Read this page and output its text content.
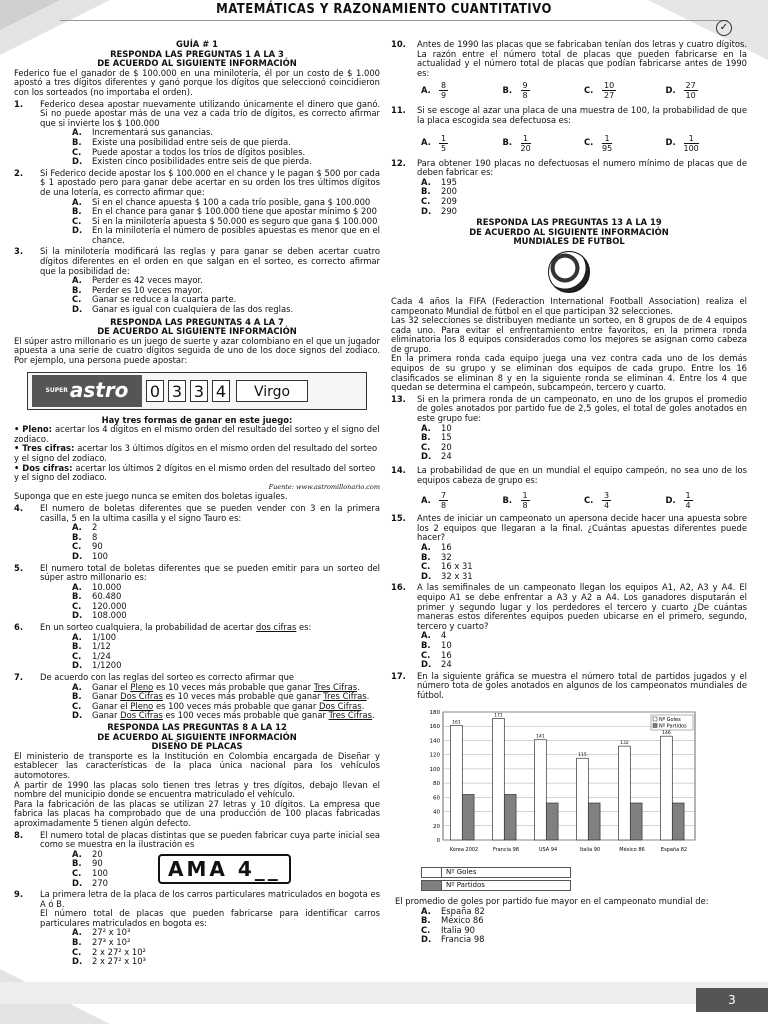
3
MATEMÁTICAS Y RAZONAMIENTO CUANTITATIVO
✓
GUÍA # 1
RESPONDA LAS PREGUNTAS 1 A LA 3
DE ACUERDO AL SIGUIENTE INFORMACIÓN
Federico fue el ganador de $ 100.000 en una minilotería, él por un costo de $ 1.000 apostó a tres dígitos diferentes y ganó porque los dígitos que seleccionó coincidieron con los sorteados (no importaba el orden).
1.	Federico desea apostar nuevamente utilizando únicamente el dinero que ganó. Si no puede apostar más de una vez a cada trío de dígitos, es correcto afirmar que si invierte los $ 100.000
A.	Incrementará sus ganancias.
B.	Existe una posibilidad entre seis de que pierda.
C.	Puede apostar a todos los tríos de dígitos posibles.
D.	Existen cinco posibilidades entre seis de que pierda.
2.	Si Federico decide apostar los $ 100.000 en el chance y le pagan $ 500 por cada $ 1 apostado pero para ganar debe acertar en su orden los tres últimos dígitos de una lotería, es correcto afirmar que:
A.	Si en el chance apuesta $ 100 a cada trío posible, gana $ 100.000
B.	En el chance para ganar $ 100.000 tiene que apostar mínimo $ 200
C.	Si en la minilotería apuesta $ 50.000 es seguro que gana $ 100.000
D.	En la minilotería el número de posibles apuestas es menor que en el chance.
3.	Si la minilotería modificará las reglas y para ganar se deben acertar cuatro dígitos diferentes en el orden en que salgan en el sorteo, es correcto afirmar que la posibilidad de:
A.	Perder es 42 veces mayor.
B.	Perder es 10 veces mayor.
C.	Ganar se reduce a la cuarta parte.
D.	Ganar es igual con cualquiera de las dos reglas.
RESPONDA LAS PREGUNTAS 4 A LA 7
DE ACUERDO AL SIGUIENTE INFORMACIÓN
El súper astro millonario es un juego de suerte y azar colombiano en el que un jugador apuesta a una serie de cuatro dígitos seguida de uno de los doce signos del zodiaco. Por ejemplo, una persona puede apostar:
SUPER astro 0 3 3 4	Virgo
Hay tres formas de ganar en este juego:
• Pleno: acertar los 4 dígitos en el mismo orden del resultado del sorteo y el signo del zodiaco.
• Tres cifras: acertar los 3 últimos dígitos en el mismo orden del resultado del sorteo y el signo del zodiaco.
• Dos cifras: acertar los últimos 2 dígitos en el mismo orden del resultado del sorteo y el signo del zodiaco.
Fuente: www.astromillonario.com
Suponga que en este juego nunca se emiten dos boletas iguales.
4.	El numero de boletas diferentes que se pueden vender con 3 en la primera casilla, 5 en la ultima casilla y el signo Tauro es:
A.	2
B.	8
C.	90
D.	100
5.	El numero total de boletas diferentes que se pueden emitir para un sorteo del súper astro millonario es:
A.	10.000
B.	60.480
C.	120.000
D.	108.000
6.	En un sorteo cualquiera, la probabilidad de acertar dos cifras es:
A.	1/100
B.	1/12
C.	1/24
D.	1/1200
7.	De acuerdo con las reglas del sorteo es correcto afirmar que
A.	Ganar el Pleno es 10 veces más probable que ganar Tres Cifras.
B.	Ganar Dos Cifras es 10 veces más probable que ganar Tres Cifras.
C.	Ganar el Pleno es 100 veces más probable que ganar Dos Cifras.
D.	Ganar Dos Cifras es 100 veces más probable que ganar Tres Cifras.
RESPONDA LAS PREGUNTAS 8 A LA 12
DE ACUERDO AL SIGUIENTE INFORMACIÓN
DISEÑO DE PLACAS
El ministerio de transporte es la Institución en Colombia encargada de Diseñar y establecer las características de la placa única nacional para los vehículos automotores.
A partir de 1990 las placas solo tienen tres letras y tres dígitos, debajo llevan el nombre del municipio donde se encuentra matriculado el vehículo.
Para la fabricación de las placas se utilizan 27 letras y 10 dígitos. La empresa que fabrica las placas ha comprobado que de una producción de 100 placas fabricadas aproximadamente 5 tienen algún defecto.
8.	El numero total de placas distintas que se pueden fabricar cuya parte inicial sea como se muestra en la ilustración es
A.	20
B.	90
C.	100
D.	270
AMA 4__
9.	La primera letra de la placa de los carros particulares matriculados en bogota es A ó B.
El número total de placas que pueden fabricarse para identificar carros particulares matriculados en bogota es:
A.	27² x 10³
B.	27³ x 10²
C.	2 x 27² x 10²
D.	2 x 27² x 10³
10.	Antes de 1990 las placas que se fabricaban tenían dos letras y cuatro dígitos. La razón entre el número total de placas que pueden fabricarse en la actualidad y el número total de placas que podían fabricarse antes de 1990 es:
A.	$\frac{8}{9}$	B.	$\frac{9}{8}$	C.	$\frac{10}{27}$	D. $\frac{27}{10}$
11.	Si se escoge al azar una placa de una muestra de 100, la probabilidad de que la placa escogida sea defectuosa es:
A.	$\frac{1}{5}$	B.	$\frac{1}{20}$	C.	$\frac{1}{95}$	D. $\frac{1}{100}$
12.	Para obtener 190 placas no defectuosas el numero mínimo de placas que de deben fabricar es:
A.	195
B.	200
C.	209
D.	290
RESPONDA LAS PREGUNTAS 13 A LA 19
DE ACUERDO AL SIGUIENTE INFORMACIÓN
MUNDIALES DE FUTBOL
Cada 4 años la FIFA (Federaction International Football Association) realiza el campeonato Mundial de fútbol en el que participan 32 selecciones.
Las 32 selecciones se distribuyen mediante un sorteo, en 8 grupos de de 4 equipos cada uno. Para evitar el enfrentamiento entre favoritos, en la primera ronda eliminatoria los 8 equipos considerados como los mejores se asignan como cabeza de grupo.
En la primera ronda cada equipo juega una vez contra cada uno de los demás equipos de su grupo y se eliminan dos equipos de cada grupo. Entre los 16 clasificados se eliminan 8 y en la siguiente ronda se eliminan 4. Entre los 4 que quedan se determina el campeón, subcampeón, tercero y cuarto.
13.	Si en la primera ronda de un campeonato, en uno de los grupos el promedio de goles anotados por partido fue de 2,5 goles, el total de goles anotados en este grupo fue:
A.	10
B.	15
C.	20
D.	24
14.	La probabilidad de que en un mundial el equipo campeón, no sea uno de los equipos cabeza de grupo es:
A.	$\frac{7}{8}$	B.	$\frac{1}{8}$	C.	$\frac{3}{4}$	D. $\frac{1}{4}$
15.	Antes de iniciar un campeonato un apersona decide hacer una apuesta sobre los 2 equipos que llegaran a la final. ¿Cuántas apuestas diferentes puede hacer?
A.	16
B.	32
C.	16 x 31
D.	32 x 31
16.	A las semifinales de un campeonato llegan los equipos A1, A2, A3 y A4. El equipo A1 se debe enfrentar a A3 y A2 a A4. Los ganadores disputarán el primer y segundo lugar y los perdedores el tercero y cuarto ¿De cuántas maneras estos diferentes equipos pueden ubicarse en el primero, segundo, tercero y cuarto?
A.	4
B.	10
C.	16
D.	24
17.	En la siguiente gráfica se muestra el número total de partidos jugados y el número tota de goles anotados en algunos de los campeonatos mundiales de fútbol.
0
20
40
60
80
100
120
140
160
180
161
Korea 2002
171
Francia 98
141
USA 94
115
Italia 90
132
México 86
146
España 82
Nº Goles
Nº Partidos
Nº Goles
Nº Partidos
El promedio de goles por partido fue mayor en el campeonato mundial de:
A.	España 82
B.	México 86
C.	Italia 90
D.	Francia 98
